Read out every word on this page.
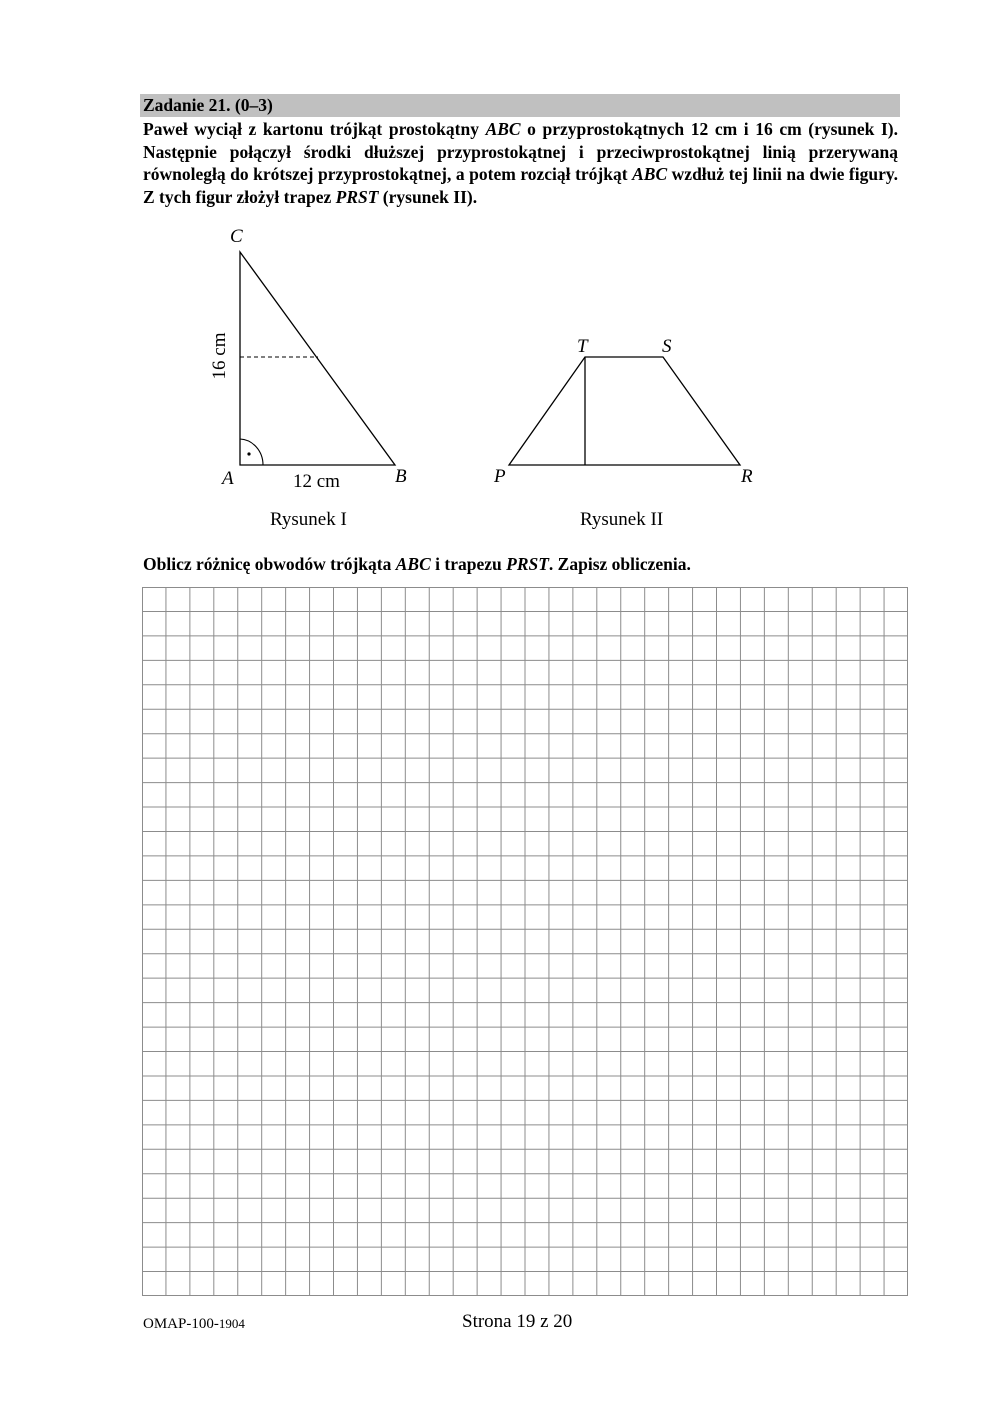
Zadanie 21. (0–3)

Paweł wyciął z kartonu trójkąt prostokątny ABC o przyprostokątnych 12 cm i 16 cm (rysunek I). Następnie połączył środki dłuższej przyprostokątnej i przeciwprostokątnej linią przerywaną równoległą do krótszej przyprostokątnej, a potem rozciął trójkąt ABC wzdłuż tej linii na dwie figury. Z tych figur złożył trapez PRST (rysunek II).

C
A	B
12 cm
16 cm
Rysunek I
T	S
P	R
Rysunek II
Oblicz różnicę obwodów trójkąta ABC i trapezu PRST. Zapisz obliczenia.
OMAP-100-1904	Strona 19 z 20
